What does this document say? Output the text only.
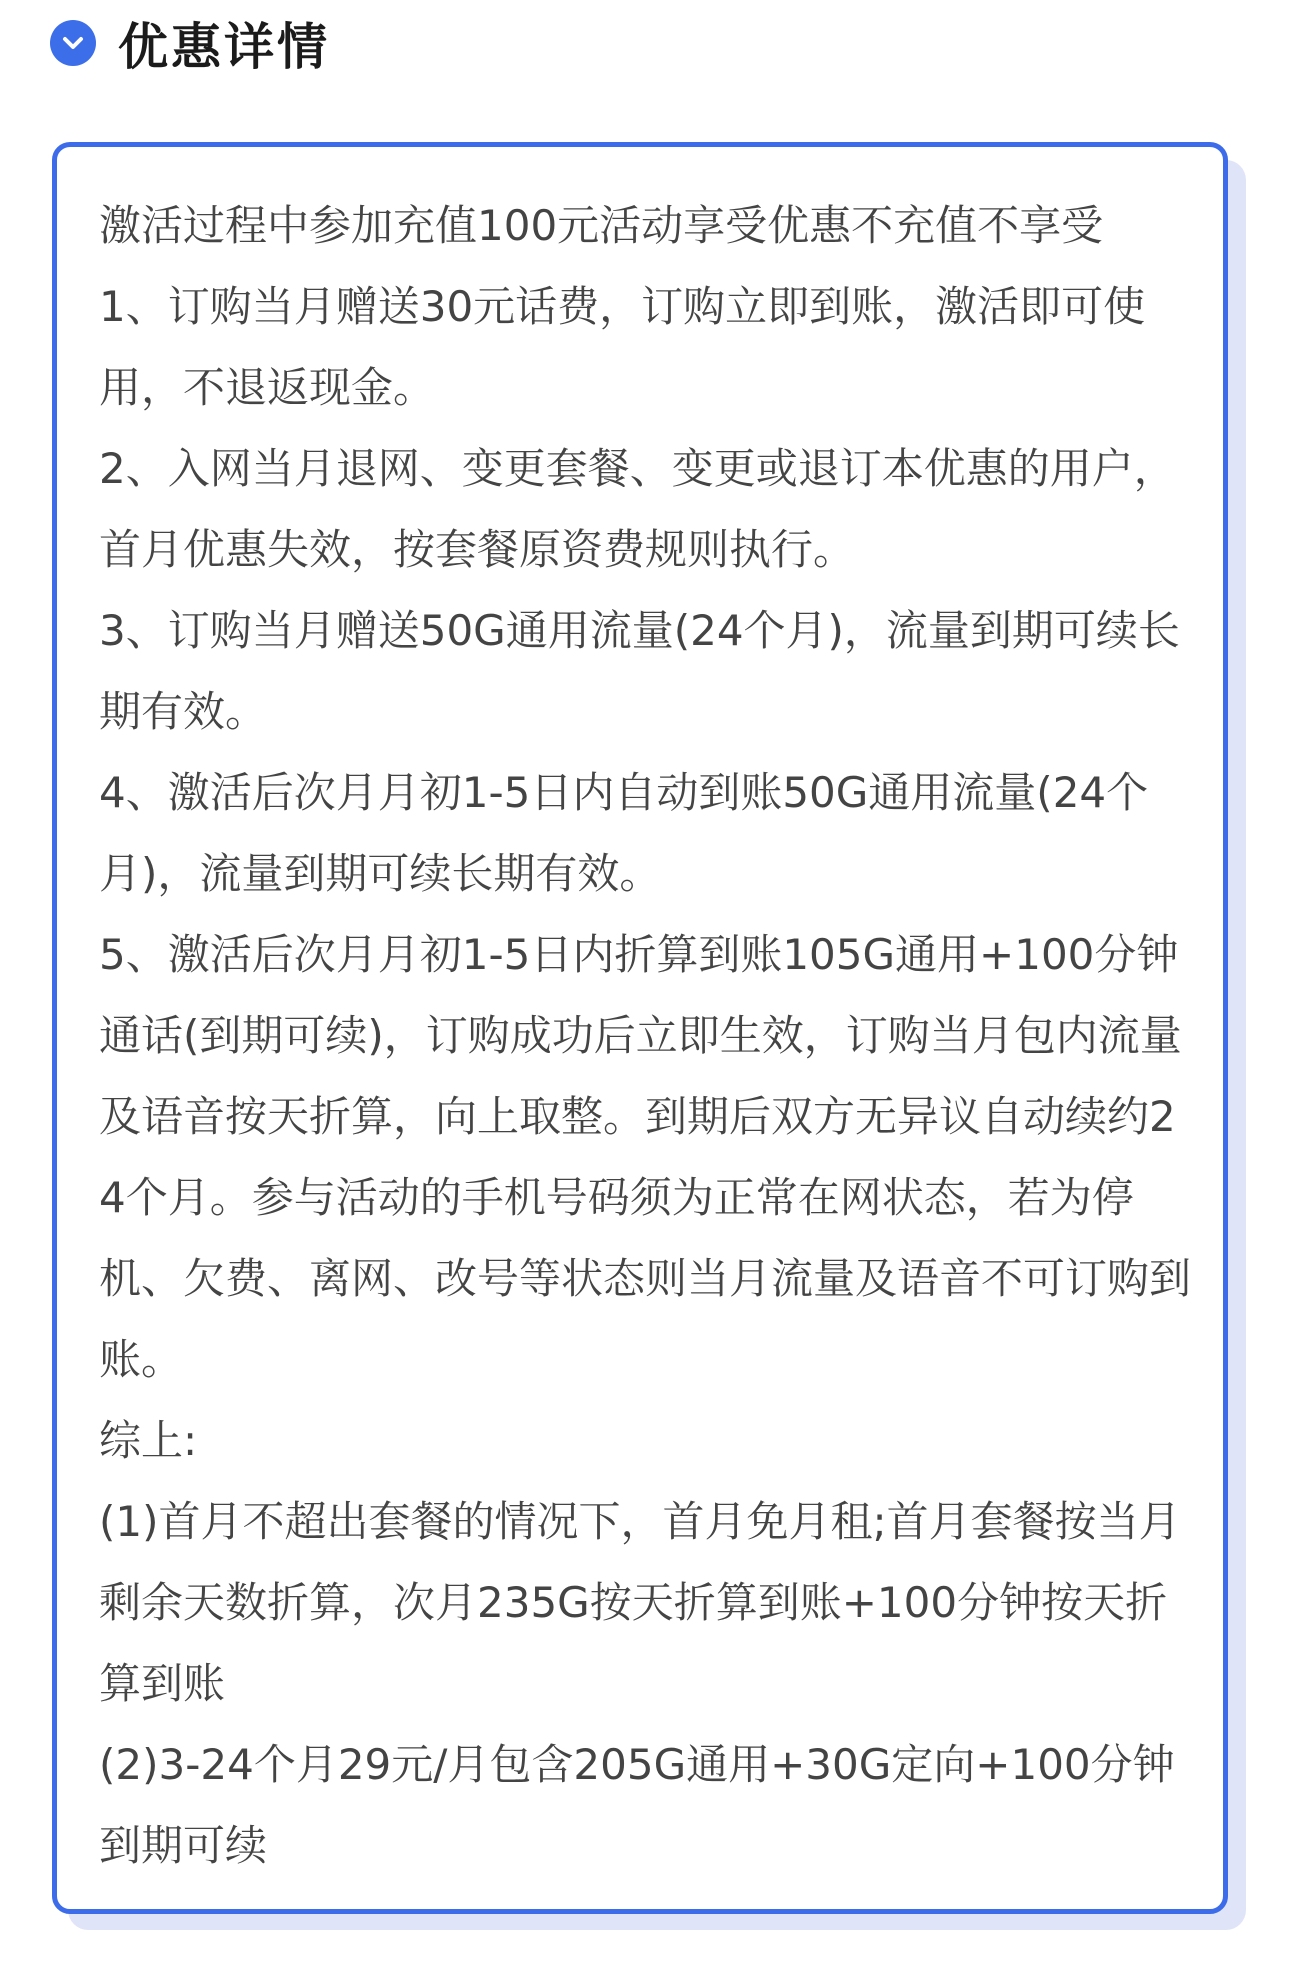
优惠详情

激活过程中参加充值100元活动享受优惠不充值不享受

1、订购当月赠送30元话费，订购立即到账，激活即可使用，不退返现金。

2、入网当月退网、变更套餐、变更或退订本优惠的用户，首月优惠失效，按套餐原资费规则执行。

3、订购当月赠送50G通用流量(24个月)，流量到期可续长期有效。

4、激活后次月月初1-5日内自动到账50G通用流量(24个月)，流量到期可续长期有效。

5、激活后次月月初1-5日内折算到账105G通用+100分钟通话(到期可续)，订购成功后立即生效，订购当月包内流量及语音按天折算，向上取整。到期后双方无异议自动续约24个月。参与活动的手机号码须为正常在网状态，若为停机、欠费、离网、改号等状态则当月流量及语音不可订购到账。

综上:

(1)首月不超出套餐的情况下，首月免月租;首月套餐按当月剩余天数折算，次月235G按天折算到账+100分钟按天折算到账

(2)3-24个月29元/月包含205G通用+30G定向+100分钟到期可续
